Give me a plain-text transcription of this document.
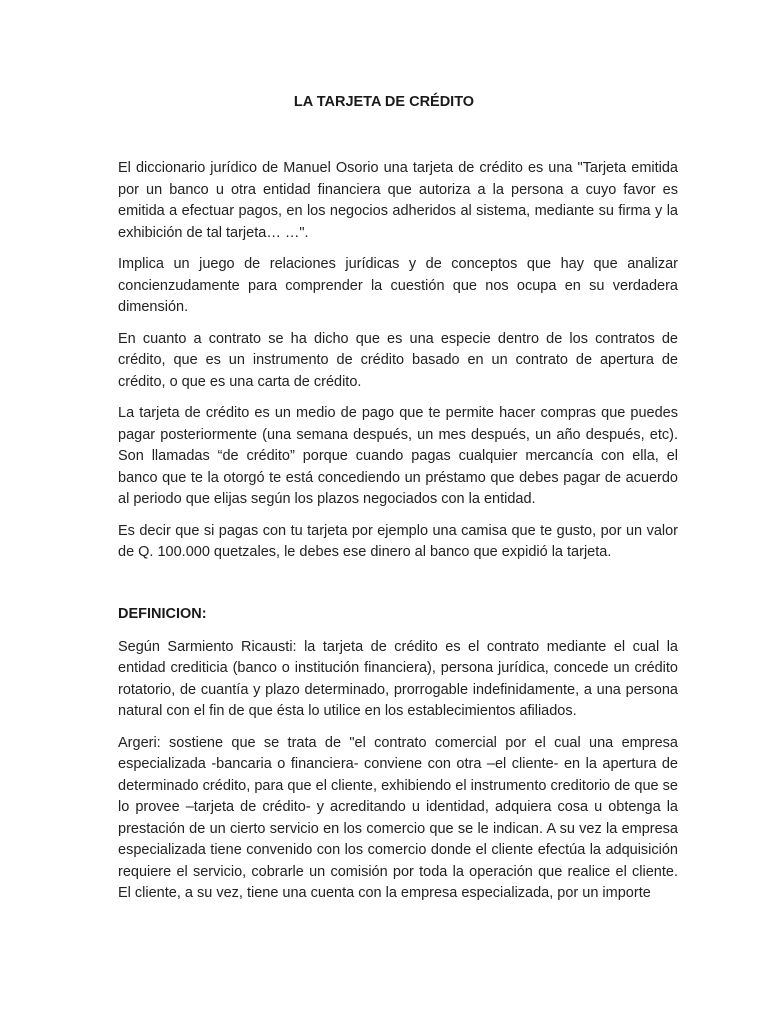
LA TARJETA DE CRÉDITO

El diccionario jurídico de Manuel Osorio una tarjeta de crédito es una "Tarjeta emitida por un banco u otra entidad financiera que autoriza a la persona a cuyo favor es emitida a efectuar pagos, en los negocios adheridos al sistema, mediante su firma y la exhibición de tal tarjeta… …".

Implica un juego de relaciones jurídicas y de conceptos que hay que analizar concienzudamente para comprender la cuestión que nos ocupa en su verdadera dimensión.

En cuanto a contrato se ha dicho que es una especie dentro de los contratos de crédito, que es un instrumento de crédito basado en un contrato de apertura de crédito, o que es una carta de crédito.

La tarjeta de crédito es un medio de pago que te permite hacer compras que puedes pagar posteriormente (una semana después, un mes después, un año después, etc). Son llamadas “de crédito” porque cuando pagas cualquier mercancía con ella, el banco que te la otorgó te está concediendo un préstamo que debes pagar de acuerdo al periodo que elijas según los plazos negociados con la entidad.

Es decir que si pagas con tu tarjeta por ejemplo una camisa que te gusto, por un valor de Q. 100.000 quetzales, le debes ese dinero al banco que expidió la tarjeta.

DEFINICION:

Según Sarmiento Ricausti: la tarjeta de crédito es el contrato mediante el cual la entidad crediticia (banco o institución financiera), persona jurídica, concede un crédito rotatorio, de cuantía y plazo determinado, prorrogable indefinidamente, a una persona natural con el fin de que ésta lo utilice en los establecimientos afiliados.

Argeri: sostiene que se trata de "el contrato comercial por el cual una empresa especializada -bancaria o financiera- conviene con otra –el cliente- en la apertura de determinado crédito, para que el cliente, exhibiendo el instrumento creditorio de que se lo provee –tarjeta de crédito- y acreditando u identidad, adquiera cosa u obtenga la prestación de un cierto servicio en los comercio que se le indican. A su vez la empresa especializada tiene convenido con los comercio donde el cliente efectúa la adquisición requiere el servicio, cobrarle un comisión por toda la operación que realice el cliente. El cliente, a su vez, tiene una cuenta con la empresa especializada, por un importe
